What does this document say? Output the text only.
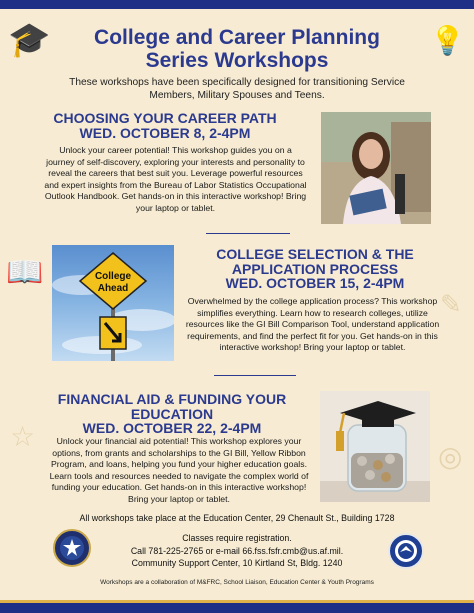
🎓	💡
📖
✎
☆
◎
College and Career Planning
Series Workshops
These workshops have been specifically designed for transitioning Service Members, Military Spouses and Teens.
CHOOSING YOUR CAREER PATH
WED. OCTOBER 8, 2-4PM
Unlock your career potential! This workshop guides you on a journey of self-discovery, exploring your interests and personality to reveal the careers that best suit you. Leverage powerful resources and expert insights from the Bureau of Labor Statistics Occupational Outlook Handbook. Get hands-on in this interactive workshop! Bring your laptop or tablet.
College
Ahead
COLLEGE SELECTION & THE APPLICATION PROCESS
WED. OCTOBER 15, 2-4PM
Overwhelmed by the college application process? This workshop simplifies everything. Learn how to research colleges, utilize resources like the GI Bill Comparison Tool, understand application requirements, and find the perfect fit for you. Get hands-on in this interactive workshop! Bring your laptop or tablet.
FINANCIAL AID & FUNDING YOUR EDUCATION
WED. OCTOBER 22, 2-4PM
Unlock your financial aid potential! This workshop explores your options, from grants and scholarships to the GI Bill, Yellow Ribbon Program, and loans, helping you fund your higher education goals. Learn tools and resources needed to navigate the complex world of funding your education. Get hands-on in this interactive workshop! Bring your laptop or tablet.
All workshops take place at the Education Center, 29 Chenault St., Building 1728
Classes require registration.
Call 781-225-2765 or e-mail 66.fss.fsfr.cmb@us.af.mil.
Community Support Center, 10 Kirtland St, Bldg. 1240
Workshops are a collaboration of M&FRC, School Liaison, Education Center & Youth Programs
